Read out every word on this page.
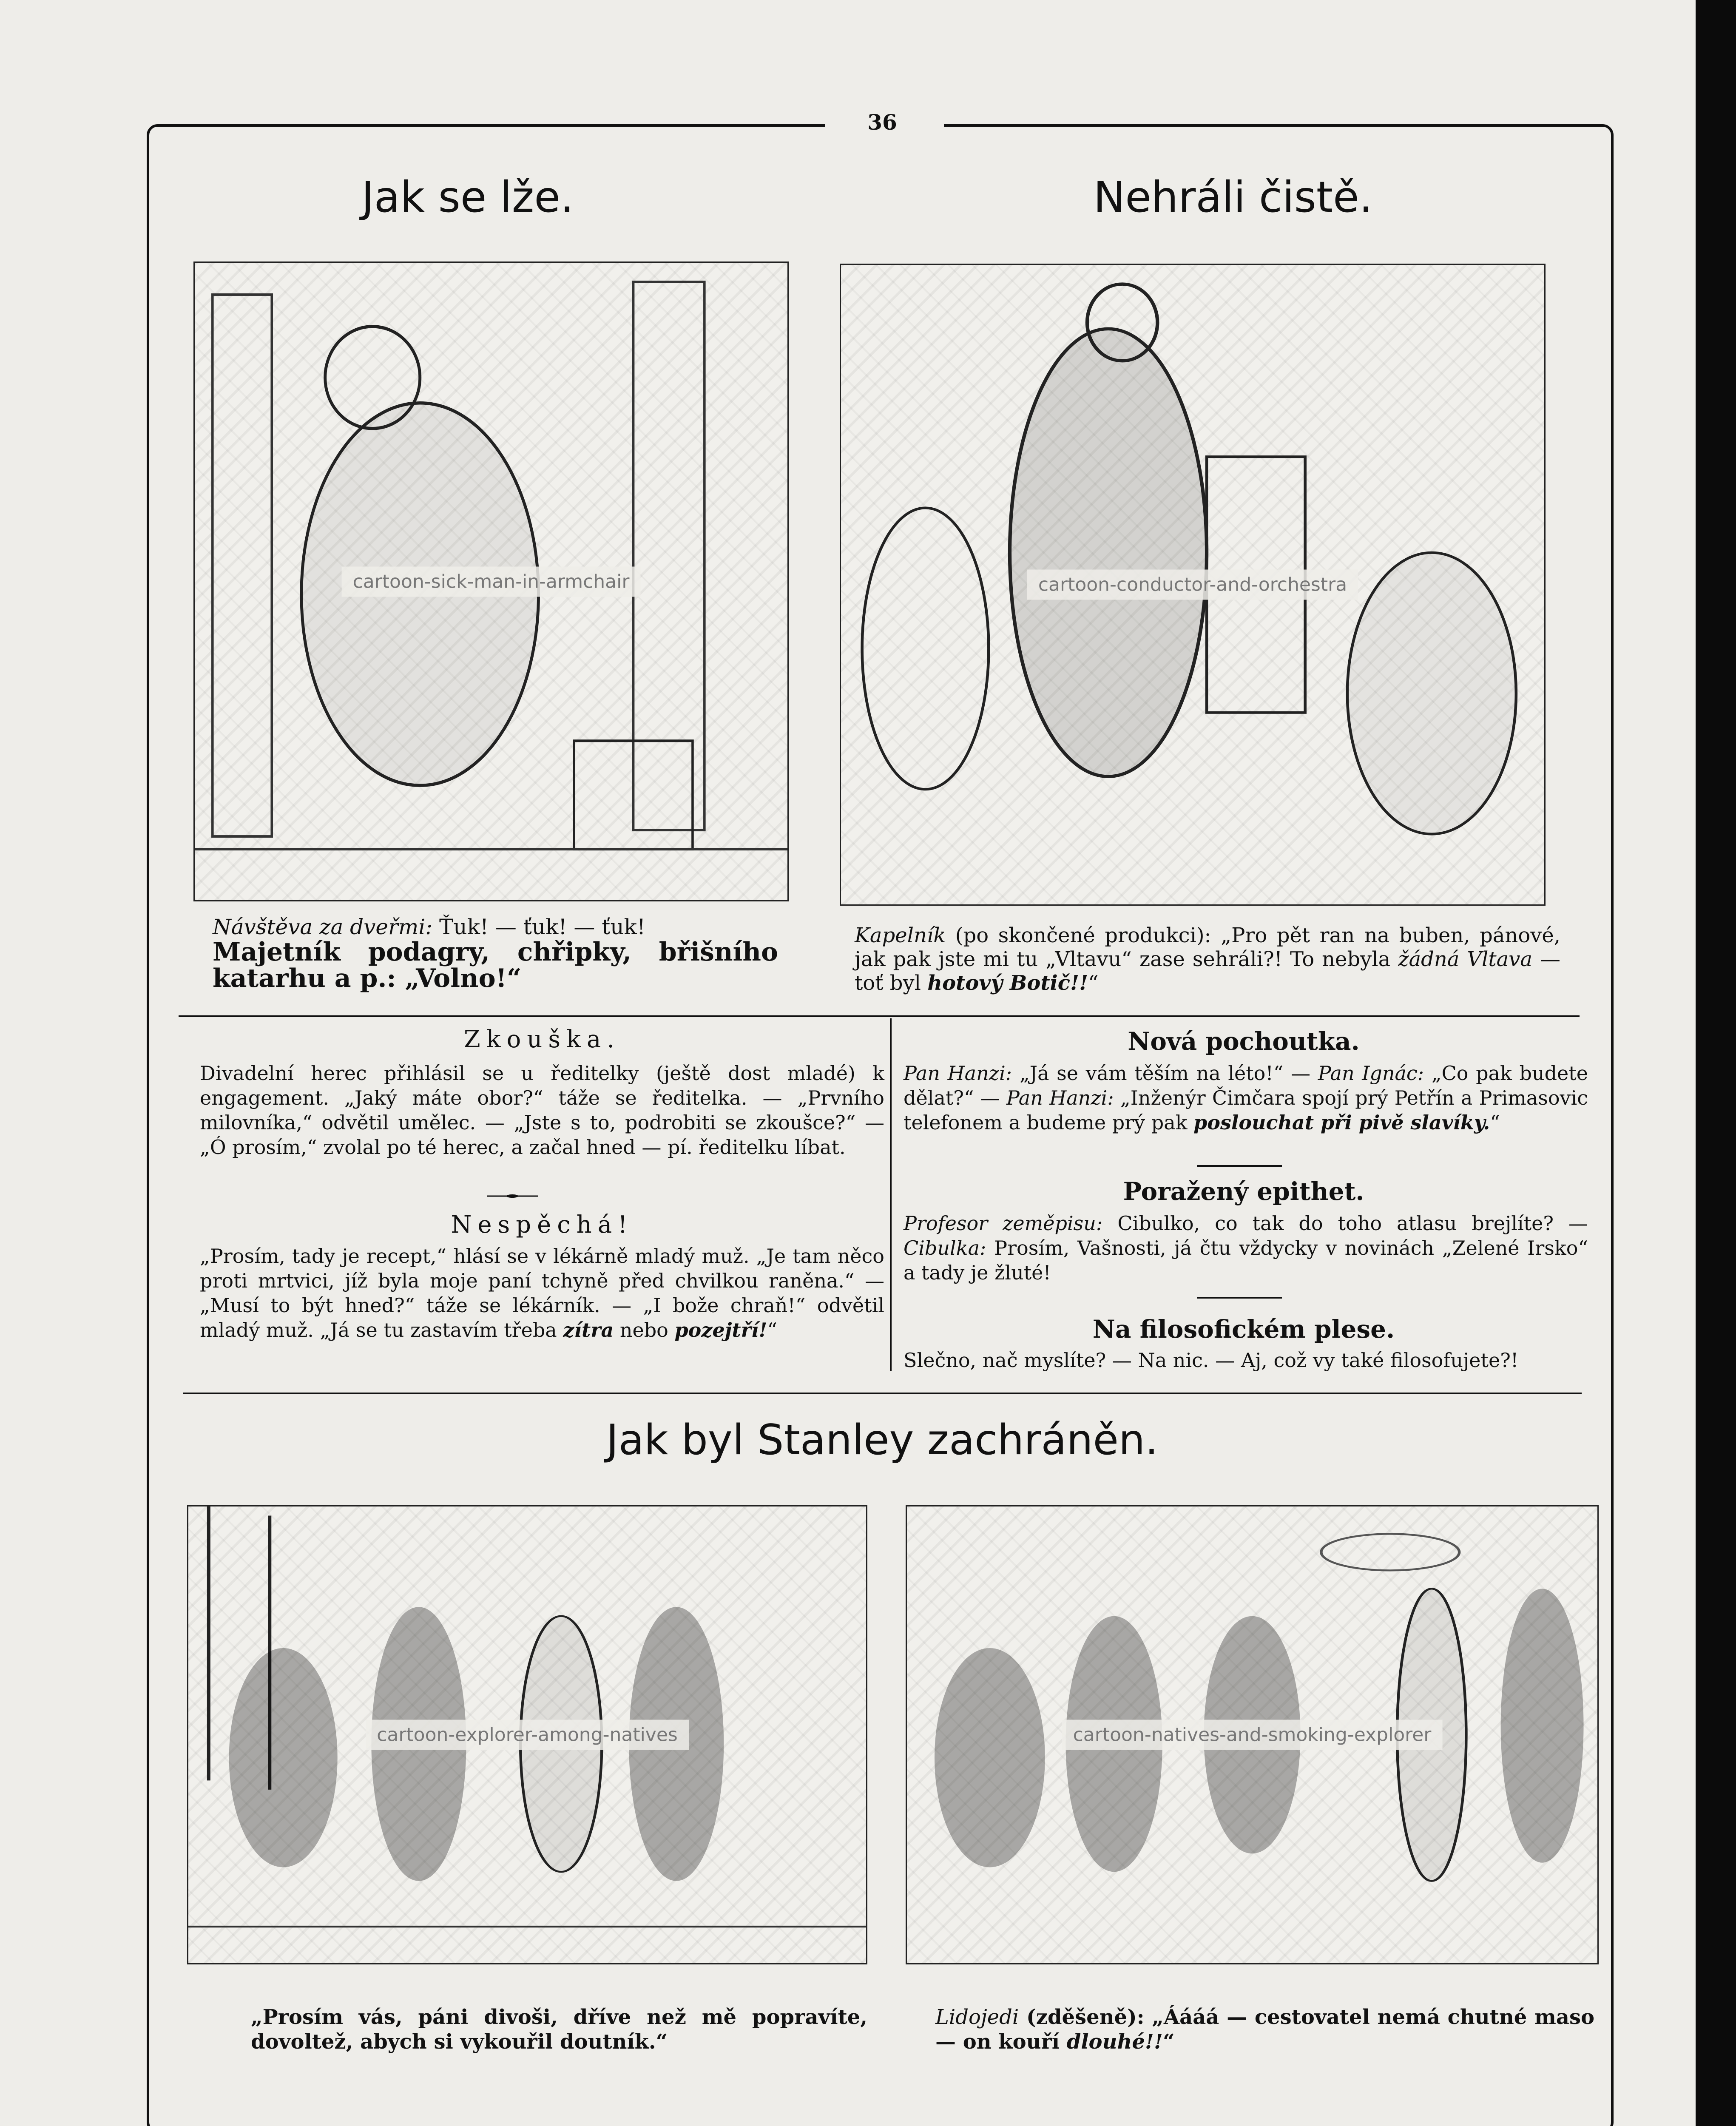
36
Jak se lže.
cartoon-sick-man-in-armchair
Návštěva za dveřmi: Ťuk! — ťuk! — ťuk!
Majetník podagry, chřipky, břišního katarhu a p.: „Volno!“
Nehráli čistě.
cartoon-conductor-and-orchestra
Kapelník (po skončené produkci): „Pro pět ran na buben, pánové, jak pak jste mi tu „Vltavu“ zase sehráli?! To nebyla žádná Vltava — toť byl hotový Botič!!“
Zkouška.
Divadelní herec přihlásil se u ředitelky (ještě dost mladé) k engagement. „Jaký máte obor?“ táže se ředitelka. — „Prvního milovníka,“ odvětil umělec. — „Jste s to, podrobiti se zkoušce?“ — „Ó prosím,“ zvolal po té herec, a začal hned — pí. ředitelku líbat.
Nespěchá!
„Prosím, tady je recept,“ hlásí se v lékárně mladý muž. „Je tam něco proti mrtvici, jíž byla moje paní tchyně před chvilkou raněna.“ — „Musí to být hned?“ táže se lékárník. — „I bože chraň!“ odvětil mladý muž. „Já se tu zastavím třeba zítra nebo pozejtří!“
Nová pochoutka.
Pan Hanzi: „Já se vám těším na léto!“ — Pan Ignác: „Co pak budete dělat?“ — Pan Hanzi: „Inženýr Čimčara spojí prý Petřín a Primasovic telefonem a budeme prý pak poslouchat při pivě slavíky.“
Poražený epithet.
Profesor zeměpisu: Cibulko, co tak do toho atlasu brejlíte? — Cibulka: Prosím, Vašnosti, já čtu vždycky v novinách „Zelené Irsko“ a tady je žluté!
Na filosofickém plese.
Slečno, nač myslíte? — Na nic. — Aj, což vy také filosofujete?!
Jak byl Stanley zachráněn.
cartoon-explorer-among-natives	cartoon-natives-and-smoking-explorer
„Prosím vás, páni divoši, dříve než mě popravíte, dovoltež, abych si vykouřil doutník.“
Lidojedi (zděšeně): „Áááá — cestovatel nemá chutné maso — on kouří dlouhé!!“
